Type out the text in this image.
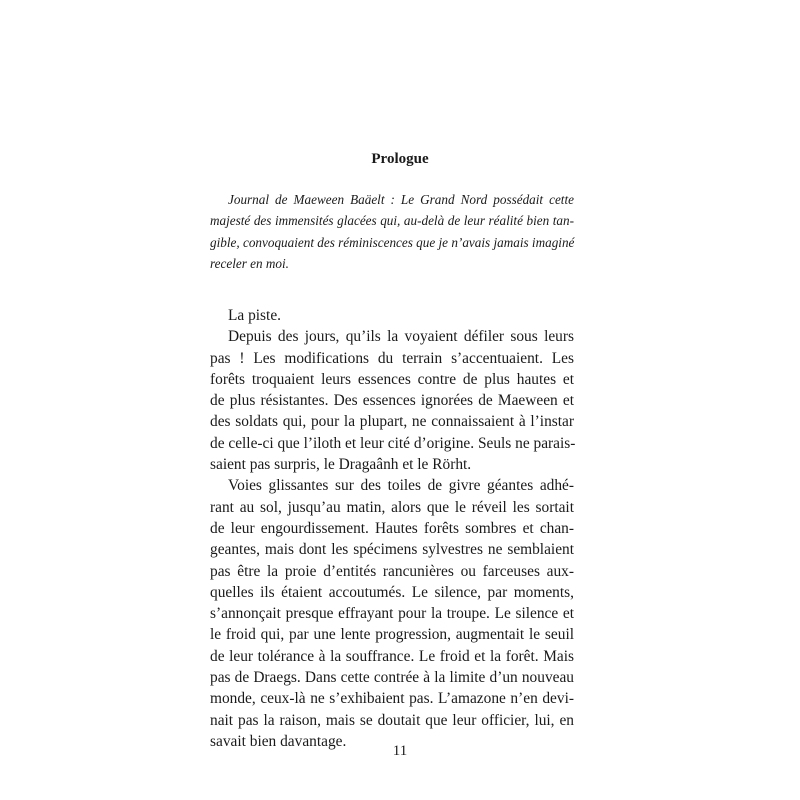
Prologue

Journal de Maeween Baäelt : Le Grand Nord possédait cette
majesté des immensités glacées qui, au-delà de leur réalité bien tan-
gible, convoquaient des réminiscences que je n’avais jamais imaginé
receler en moi.

La piste.
Depuis des jours, qu’ils la voyaient défiler sous leurs
pas ! Les modifications du terrain s’accentuaient. Les
forêts troquaient leurs essences contre de plus hautes et
de plus résistantes. Des essences ignorées de Maeween et
des soldats qui, pour la plupart, ne connaissaient à l’instar
de celle-ci que l’iloth et leur cité d’origine. Seuls ne parais-
saient pas surpris, le Dragaânh et le Rörht.
Voies glissantes sur des toiles de givre géantes adhé-
rant au sol, jusqu’au matin, alors que le réveil les sortait
de leur engourdissement. Hautes forêts sombres et chan-
geantes, mais dont les spécimens sylvestres ne semblaient
pas être la proie d’entités rancunières ou farceuses aux-
quelles ils étaient accoutumés. Le silence, par moments,
s’annonçait presque effrayant pour la troupe. Le silence et
le froid qui, par une lente progression, augmentait le seuil
de leur tolérance à la souffrance. Le froid et la forêt. Mais
pas de Draegs. Dans cette contrée à la limite d’un nouveau
monde, ceux-là ne s’exhibaient pas. L’amazone n’en devi-
nait pas la raison, mais se doutait que leur officier, lui, en
savait bien davantage.
11
